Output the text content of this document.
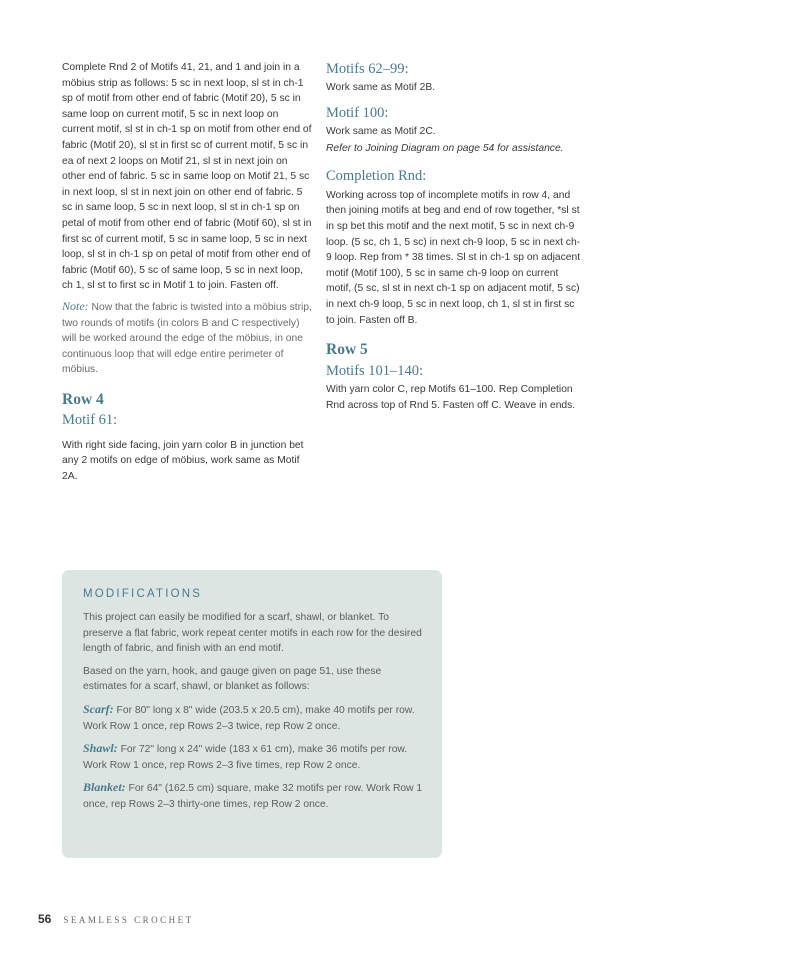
Complete Rnd 2 of Motifs 41, 21, and 1 and join in a möbius strip as follows: 5 sc in next loop, sl st in ch-1 sp of motif from other end of fabric (Motif 20), 5 sc in same loop on current motif, 5 sc in next loop on current motif, sl st in ch-1 sp on motif from other end of fabric (Motif 20), sl st in first sc of current motif, 5 sc in ea of next 2 loops on Motif 21, sl st in next join on other end of fabric. 5 sc in same loop on Motif 21, 5 sc in next loop, sl st in next join on other end of fabric. 5 sc in same loop, 5 sc in next loop, sl st in ch-1 sp on petal of motif from other end of fabric (Motif 60), sl st in first sc of current motif, 5 sc in same loop, 5 sc in next loop, sl st in ch-1 sp on petal of motif from other end of fabric (Motif 60), 5 sc of same loop, 5 sc in next loop, ch 1, sl st to first sc in Motif 1 to join. Fasten off.

Note: Now that the fabric is twisted into a möbius strip, two rounds of motifs (in colors B and C respectively) will be worked around the edge of the möbius, in one continuous loop that will edge entire perimeter of möbius.

Row 4
Motif 61:

With right side facing, join yarn color B in junction bet any 2 motifs on edge of möbius, work same as Motif 2A.

Motifs 62–99:

Work same as Motif 2B.

Motif 100:

Work same as Motif 2C.

Refer to Joining Diagram on page 54 for assistance.

Completion Rnd:

Working across top of incomplete motifs in row 4, and then joining motifs at beg and end of row together, *sl st in sp bet this motif and the next motif, 5 sc in next ch-9 loop. (5 sc, ch 1, 5 sc) in next ch-9 loop, 5 sc in next ch-9 loop. Rep from * 38 times. Sl st in ch-1 sp on adjacent motif (Motif 100), 5 sc in same ch-9 loop on current motif, (5 sc, sl st in next ch-1 sp on adjacent motif, 5 sc) in next ch-9 loop, 5 sc in next loop, ch 1, sl st in first sc to join. Fasten off B.

Row 5
Motifs 101–140:

With yarn color C, rep Motifs 61–100. Rep Completion Rnd across top of Rnd 5. Fasten off C. Weave in ends.

MODIFICATIONS

This project can easily be modified for a scarf, shawl, or blanket. To preserve a flat fabric, work repeat center motifs in each row for the desired length of fabric, and finish with an end motif.

Based on the yarn, hook, and gauge given on page 51, use these estimates for a scarf, shawl, or blanket as follows:

Scarf: For 80" long x 8" wide (203.5 x 20.5 cm), make 40 motifs per row. Work Row 1 once, rep Rows 2–3 twice, rep Row 2 once.

Shawl: For 72" long x 24" wide (183 x 61 cm), make 36 motifs per row. Work Row 1 once, rep Rows 2–3 five times, rep Row 2 once.

Blanket: For 64" (162.5 cm) square, make 32 motifs per row. Work Row 1 once, rep Rows 2–3 thirty-one times, rep Row 2 once.

56 SEAMLESS CROCHET
